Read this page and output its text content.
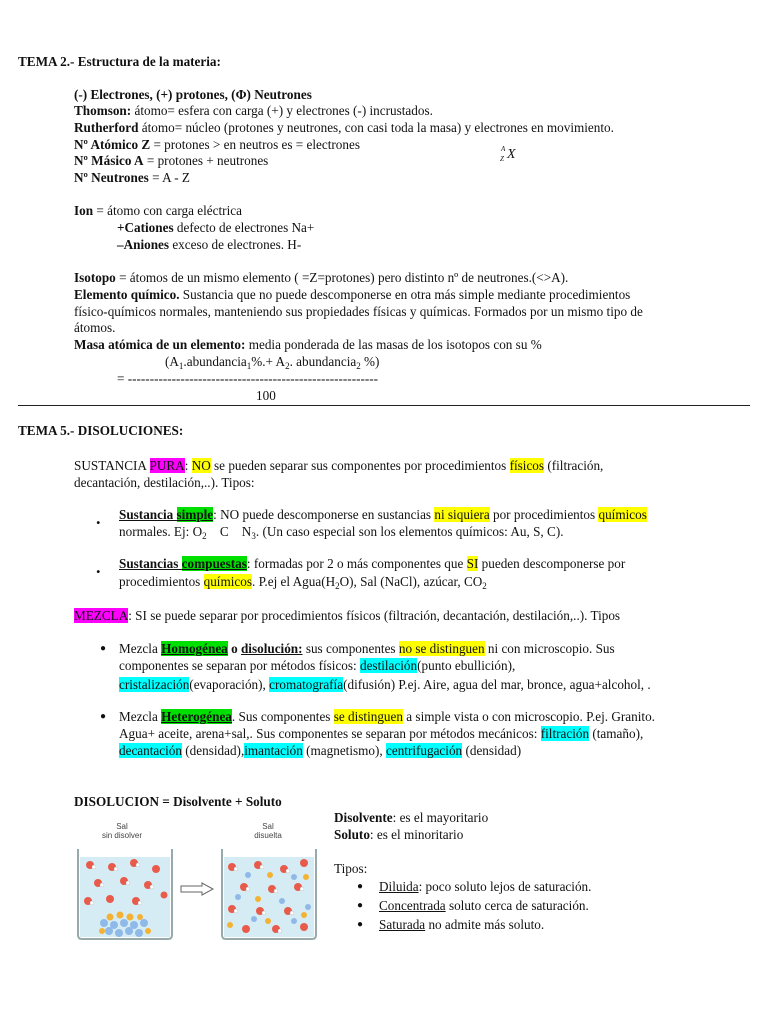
TEMA 2.- Estructura de la materia:
(-) Electrones, (+) protones, (Φ) Neutrones
Thomson: átomo= esfera con carga (+) y electrones (-) incrustados.
Rutherford átomo= núcleo (protones y neutrones, con casi toda la masa) y electrones en movimiento.
Nº Atómico Z = protones > en neutros es = electrones
Nº Másico A = protones + neutrones
Nº Neutrones = A - Z
A
Z X
Ion = átomo con carga eléctrica
+Cationes defecto de electrones Na+
–Aniones exceso de electrones. H-
Isotopo = átomos de un mismo elemento ( =Z=protones) pero distinto nº de neutrones.(<>A).
Elemento químico. Sustancia que no puede descomponerse en otra más simple mediante procedimientos
físico-químicos normales, manteniendo sus propiedades físicas y químicas. Formados por un mismo tipo de
átomos.
Masa atómica de un elemento: media ponderada de las masas de los isotopos con su %
($A_1.abundancia_1\%.+ A_2$. abundancia$_2$ %)
= ---------------------------------------------------------
100
TEMA 5.- DISOLUCIONES:
SUSTANCIA PURA: NO se pueden separar sus componentes por procedimientos físicos (filtración,
decantación, destilación,..). Tipos:
. Sustancia simple: NO puede descomponerse en sustancias ni siquiera por procedimientos químicos
normales. Ej: $O_2$    C    $N_3$. (Un caso especial son los elementos químicos: Au, S, C).
. Sustancias compuestas: formadas por 2 o más componentes que SI pueden descomponerse por
procedimientos químicos. P.ej el $Agua(H_2O)$, Sal (NaCl), azúcar, $CO_2$
MEZCLA: SI se puede separar por procedimientos físicos (filtración, decantación, destilación,..). Tipos
● Mezcla Homogénea o disolución: sus componentes no se distinguen ni con microscopio. Sus
componentes se separan por métodos físicos: destilación(punto ebullición),
cristalización(evaporación), cromatografía(difusión) P.ej. Aire, agua del mar, bronce, agua+alcohol, .
● Mezcla Heterogénea. Sus componentes se distinguen a simple vista o con microscopio. P.ej. Granito.
Agua+ aceite, arena+sal,. Sus componentes se separan por métodos mecánicos: filtración (tamaño),
decantación (densidad),imantación (magnetismo), centrifugación (densidad)
DISOLUCION = Disolvente + Soluto
Disolvente: es el mayoritario
Soluto: es el minoritario
Tipos:
● Diluida: poco soluto lejos de saturación.
● Concentrada soluto cerca de saturación.
● Saturada no admite más soluto.
Sal
sin disolver
Sal
disuelta
